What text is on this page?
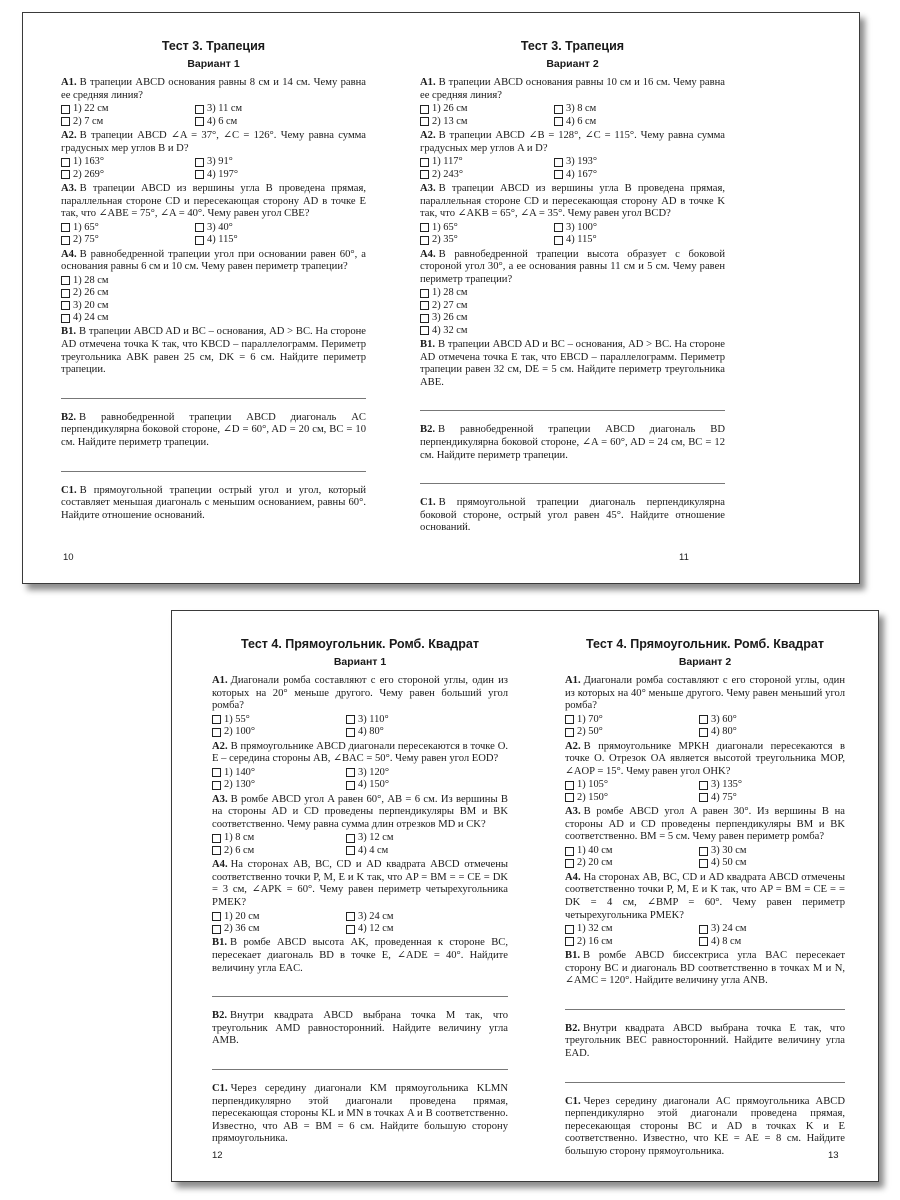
Тест 3. Трапеция
Вариант 1
А1. В трапеции ABCD основания равны 8 см и 14 см. Чему равна ее средняя линия?
1) 22 см	3) 11 см
2) 7 см	4) 6 см
А2. В трапеции ABCD ∠A = 37°, ∠C = 126°. Чему равна сумма градусных мер углов B и D?
1) 163°	3) 91°
2) 269°	4) 197°
А3. В трапеции ABCD из вершины угла B проведена прямая, параллельная стороне CD и пересекающая сторону AD в точке E так, что ∠ABE = 75°, ∠A = 40°. Чему равен угол CBE?
1) 65°	3) 40°
2) 75°	4) 115°
А4. В равнобедренной трапеции угол при основании равен 60°, а основания равны 6 см и 10 см. Чему равен периметр трапеции?
1) 28 см
2) 26 см
3) 20 см
4) 24 см
В1. В трапеции ABCD AD и BC – основания, AD > BC. На стороне AD отмечена точка K так, что KBCD – параллелограмм. Периметр треугольника ABK равен 25 см, DK = 6 см. Найдите периметр трапеции.
В2. В равнобедренной трапеции ABCD диагональ AC перпендикулярна боковой стороне, ∠D = 60°, AD = 20 см, BC = 10 см. Найдите периметр трапеции.
С1. В прямоугольной трапеции острый угол и угол, который составляет меньшая диагональ с меньшим основанием, равны 60°. Найдите отношение оснований.
10
Тест 3. Трапеция
Вариант 2
А1. В трапеции ABCD основания равны 10 см и 16 см. Чему равна ее средняя линия?
1) 26 см	3) 8 см
2) 13 см	4) 6 см
А2. В трапеции ABCD ∠B = 128°, ∠C = 115°. Чему равна сумма градусных мер углов A и D?
1) 117°	3) 193°
2) 243°	4) 167°
А3. В трапеции ABCD из вершины угла B проведена прямая, параллельная стороне CD и пересекающая сторону AD в точке K так, что ∠AKB = 65°, ∠A = 35°. Чему равен угол BCD?
1) 65°	3) 100°
2) 35°	4) 115°
А4. В равнобедренной трапеции высота образует с боковой стороной угол 30°, а ее основания равны 11 см и 5 см. Чему равен периметр трапеции?
1) 28 см
2) 27 см
3) 26 см
4) 32 см
В1. В трапеции ABCD AD и BC – основания, AD > BC. На стороне AD отмечена точка E так, что EBCD – параллелограмм. Периметр трапеции равен 32 см, DE = 5 см. Найдите периметр треугольника ABE.
В2. В равнобедренной трапеции ABCD диагональ BD перпендикулярна боковой стороне, ∠A = 60°, AD = 24 см, BC = 12 см. Найдите периметр трапеции.
С1. В прямоугольной трапеции диагональ перпендикулярна боковой стороне, острый угол равен 45°. Найдите отношение оснований.
11
Тест 4. Прямоугольник. Ромб. Квадрат
Вариант 1
А1. Диагонали ромба составляют с его стороной углы, один из которых на 20° меньше другого. Чему равен больший угол ромба?
1) 55°	3) 110°
2) 100°	4) 80°
А2. В прямоугольнике ABCD диагонали пересекаются в точке O. E – середина стороны AB, ∠BAC = 50°. Чему равен угол EOD?
1) 140°	3) 120°
2) 130°	4) 150°
А3. В ромбе ABCD угол A равен 60°, AB = 6 см. Из вершины B на стороны AD и CD проведены перпендикуляры BM и BK соответственно. Чему равна сумма длин отрезков MD и CK?
1) 8 см	3) 12 см
2) 6 см	4) 4 см
А4. На сторонах AB, BC, CD и AD квадрата ABCD отмечены соответственно точки P, M, E и K так, что AP = BM = = CE = DK = 3 см, ∠APK = 60°. Чему равен периметр четырехугольника PMEK?
1) 20 см	3) 24 см
2) 36 см	4) 12 см
В1. В ромбе ABCD высота AK, проведенная к стороне BC, пересекает диагональ BD в точке E, ∠ADE = 40°. Найдите величину угла EAC.
В2. Внутри квадрата ABCD выбрана точка M так, что треугольник AMD равносторонний. Найдите величину угла AMB.
С1. Через середину диагонали KM прямоугольника KLMN перпендикулярно этой диагонали проведена прямая, пересекающая стороны KL и MN в точках A и B соответственно. Известно, что AB = BM = 6 см. Найдите большую сторону прямоугольника.
12
Тест 4. Прямоугольник. Ромб. Квадрат
Вариант 2
А1. Диагонали ромба составляют с его стороной углы, один из которых на 40° меньше другого. Чему равен меньший угол ромба?
1) 70°	3) 60°
2) 50°	4) 80°
А2. В прямоугольнике MPKH диагонали пересекаются в точке O. Отрезок OA является высотой треугольника MOP, ∠AOP = 15°. Чему равен угол OHK?
1) 105°	3) 135°
2) 150°	4) 75°
А3. В ромбе ABCD угол A равен 30°. Из вершины B на стороны AD и CD проведены перпендикуляры BM и BK соответственно. BM = 5 см. Чему равен периметр ромба?
1) 40 см	3) 30 см
2) 20 см	4) 50 см
А4. На сторонах AB, BC, CD и AD квадрата ABCD отмечены соответственно точки P, M, E и K так, что AP = BM = CE = = DK = 4 см, ∠BMP = 60°. Чему равен периметр четырехугольника PMEK?
1) 32 см	3) 24 см
2) 16 см	4) 8 см
В1. В ромбе ABCD биссектриса угла BAC пересекает сторону BC и диагональ BD соответственно в точках M и N, ∠AMC = 120°. Найдите величину угла ANB.
В2. Внутри квадрата ABCD выбрана точка E так, что треугольник BEC равносторонний. Найдите величину угла EAD.
С1. Через середину диагонали AC прямоугольника ABCD перпендикулярно этой диагонали проведена прямая, пересекающая стороны BC и AD в точках K и E соответственно. Известно, что KE = AE = 8 см. Найдите большую сторону прямоугольника.	13
